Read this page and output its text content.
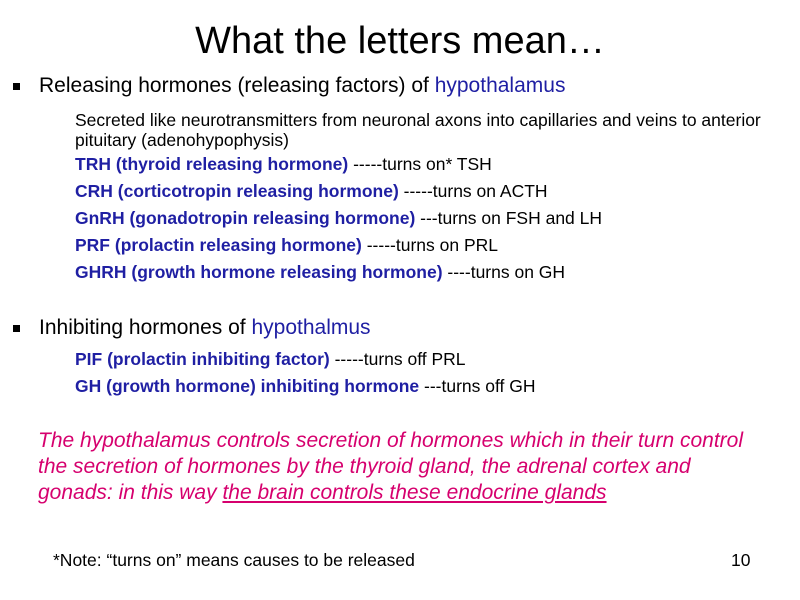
What the letters mean…
Releasing hormones (releasing factors) of hypothalamus
Secreted like neurotransmitters from neuronal axons into capillaries and veins to anterior pituitary (adenohypophysis)
TRH (thyroid releasing hormone) -----turns on* TSH
CRH (corticotropin releasing hormone) -----turns on ACTH
GnRH (gonadotropin releasing hormone) ---turns on FSH and LH
PRF (prolactin releasing hormone) -----turns on PRL
GHRH (growth hormone releasing hormone) ----turns on GH
Inhibiting hormones of hypothalmus
PIF (prolactin inhibiting factor) -----turns off PRL
GH (growth hormone) inhibiting hormone ---turns off GH
The hypothalamus controls secretion of hormones which in their turn control the secretion of hormones by the thyroid gland, the adrenal cortex and gonads: in this way the brain controls these endocrine glands
*Note: “turns on” means causes to be released	10
